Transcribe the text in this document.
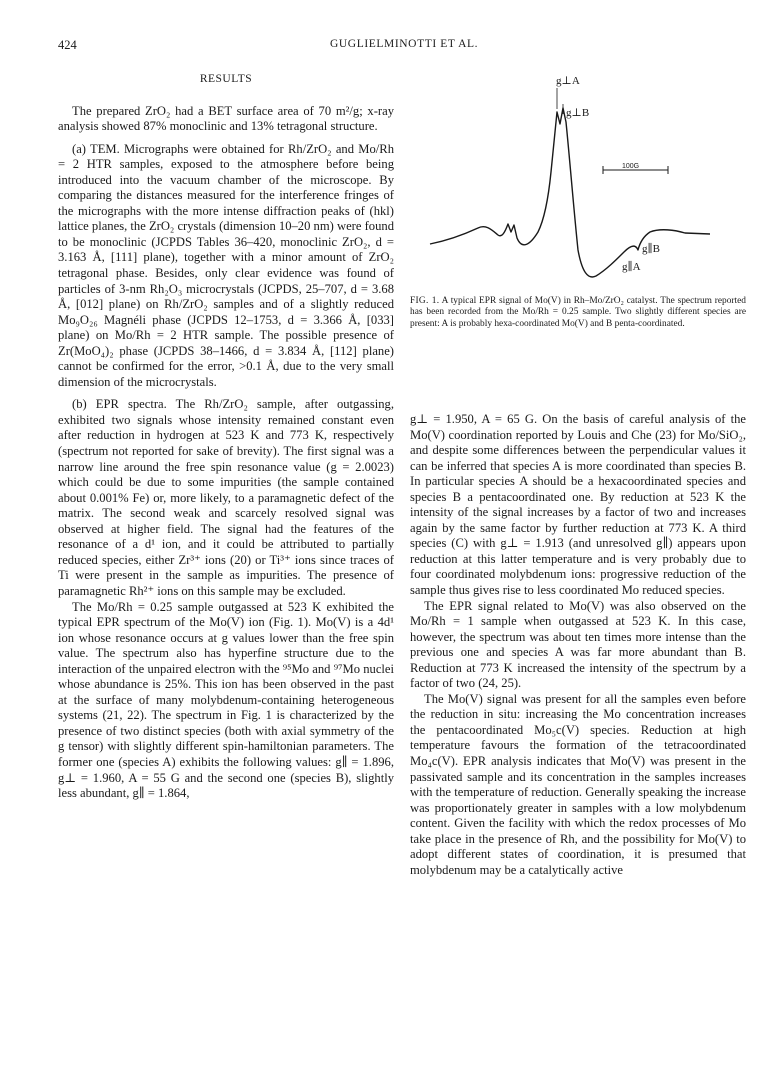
424	GUGLIELMINOTTI ET AL.

RESULTS

The prepared ZrO₂ had a BET surface area of 70 m²/g; x-ray analysis showed 87% monoclinic and 13% tetragonal structure.

(a) TEM. Micrographs were obtained for Rh/ZrO₂ and Mo/Rh = 2 HTR samples, exposed to the atmosphere before being introduced into the vacuum chamber of the microscope. By comparing the distances measured for the interference fringes of the micrographs with the more intense diffraction peaks of (hkl) lattice planes, the ZrO₂ crystals (dimension 10–20 nm) were found to be monoclinic (JCPDS Tables 36–420, monoclinic ZrO₂, d = 3.163 Å, [111] plane), together with a minor amount of ZrO₂ tetragonal phase. Besides, only clear evidence was found of particles of 3-nm Rh₂O₃ microcrystals (JCPDS, 25–707, d = 3.68 Å, [012] plane) on Rh/ZrO₂ samples and of a slightly reduced Mo₉O₂₆ Magnéli phase (JCPDS 12–1753, d = 3.366 Å, [033] plane) on Mo/Rh = 2 HTR sample. The possible presence of Zr(MoO₄)₂ phase (JCPDS 38–1466, d = 3.834 Å, [112] plane) cannot be confirmed for the error, >0.1 Å, due to the very small dimension of the microcrystals.

(b) EPR spectra. The Rh/ZrO₂ sample, after outgassing, exhibited two signals whose intensity remained constant even after reduction in hydrogen at 523 K and 773 K, respectively (spectrum not reported for sake of brevity). The first signal was a narrow line around the free spin resonance value (g = 2.0023) which could be due to some impurities (the sample contained about 0.001% Fe) or, more likely, to a paramagnetic defect of the matrix. The second weak and scarcely resolved signal was observed at higher field. The signal had the features of the resonance of a d¹ ion, and it could be attributed to partially reduced species, either Zr³⁺ ions (20) or Ti³⁺ ions since traces of Ti were present in the sample as impurities. The presence of paramagnetic Rh²⁺ ions on this sample may be excluded.

The Mo/Rh = 0.25 sample outgassed at 523 K exhibited the typical EPR spectrum of the Mo(V) ion (Fig. 1). Mo(V) is a 4d¹ ion whose resonance occurs at g values lower than the free spin value. The spectrum also has hyperfine structure due to the interaction of the unpaired electron with the ⁹⁵Mo and ⁹⁷Mo nuclei whose abundance is 25%. This ion has been observed in the past at the surface of many molybdenum-containing heterogeneous systems (21, 22). The spectrum in Fig. 1 is characterized by the presence of two distinct species (both with axial symmetry of the g tensor) with slightly different spin-hamiltonian parameters. The former one (species A) exhibits the following values: g∥ = 1.896, g⊥ = 1.960, A = 55 G and the second one (species B), slightly less abundant, g∥ = 1.864,

100G
g⊥A
g⊥B
g∥B
g∥A
FIG. 1. A typical EPR signal of Mo(V) in Rh–Mo/ZrO₂ catalyst. The spectrum reported has been recorded from the Mo/Rh = 0.25 sample. Two slightly different species are present: A is probably hexa-coordinated Mo(V) and B penta-coordinated.

g⊥ = 1.950, A = 65 G. On the basis of careful analysis of the Mo(V) coordination reported by Louis and Che (23) for Mo/SiO₂, and despite some differences between the perpendicular values it can be inferred that species A is more coordinated than species B. In particular species A should be a hexacoordinated species and species B a pentacoordinated one. By reduction at 523 K the intensity of the signal increases by a factor of two and increases again by the same factor by further reduction at 773 K. A third species (C) with g⊥ = 1.913 (and unresolved g∥) appears upon reduction at this latter temperature and is very probably due to four coordinated molybdenum ions: progressive reduction of the sample thus gives rise to less coordinated Mo reduced species.

The EPR signal related to Mo(V) was also observed on the Mo/Rh = 1 sample when outgassed at 523 K. In this case, however, the spectrum was about ten times more intense than the previous one and species A was far more abundant than B. Reduction at 773 K increased the intensity of the spectrum by a factor of two (24, 25).

The Mo(V) signal was present for all the samples even before the reduction in situ: increasing the Mo concentration increases the pentacoordinated Mo₅c(V) species. Reduction at high temperature favours the formation of the tetracoordinated Mo₄c(V). EPR analysis indicates that Mo(V) was present in the passivated sample and its concentration in the samples increases with the temperature of reduction. Generally speaking the increase was proportionately greater in samples with a low molybdenum content. Given the facility with which the redox processes of Mo take place in the presence of Rh, and the possibility for Mo(V) to adopt different states of coordination, it is presumed that molybdenum may be a catalytically active
